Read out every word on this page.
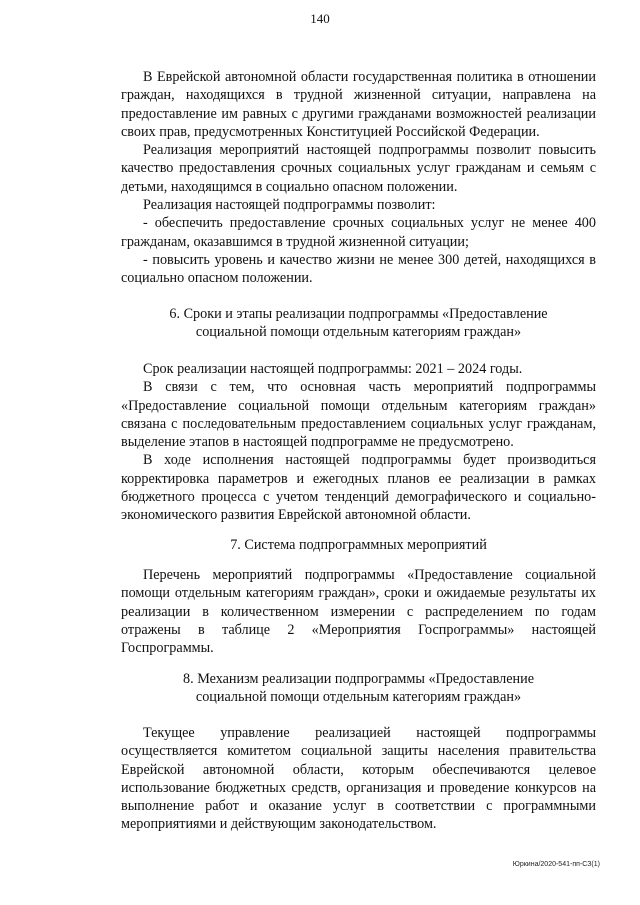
140

В Еврейской автономной области государственная политика в отношении граждан, находящихся в трудной жизненной ситуации, направлена на предоставление им равных с другими гражданами возможностей реализации своих прав, предусмотренных Конституцией Российской Федерации.

Реализация мероприятий настоящей подпрограммы позволит повысить качество предоставления срочных социальных услуг гражданам и семьям с детьми, находящимся в социально опасном положении.

Реализация настоящей подпрограммы позволит:

- обеспечить предоставление срочных социальных услуг не менее 400 гражданам, оказавшимся в трудной жизненной ситуации;

- повысить уровень и качество жизни не менее 300 детей, находящихся в социально опасном положении.

6. Сроки и этапы реализации подпрограммы «Предоставление

социальной помощи отдельным категориям граждан»

Срок реализации настоящей подпрограммы: 2021 – 2024 годы.

В связи с тем, что основная часть мероприятий подпрограммы «Предоставление социальной помощи отдельным категориям граждан» связана с последовательным предоставлением социальных услуг гражданам, выделение этапов в настоящей подпрограмме не предусмотрено.

В ходе исполнения настоящей подпрограммы будет производиться корректировка параметров и ежегодных планов ее реализации в рамках бюджетного процесса с учетом тенденций демографического и социально-экономического развития Еврейской автономной области.

7. Система подпрограммных мероприятий

Перечень мероприятий подпрограммы «Предоставление социальной помощи отдельным категориям граждан», сроки и ожидаемые результаты их реализации в количественном измерении с распределением по годам отражены в таблице 2 «Мероприятия Госпрограммы» настоящей Госпрограммы.

8. Механизм реализации подпрограммы «Предоставление

социальной помощи отдельным категориям граждан»

Текущее управление реализацией настоящей подпрограммы осуществляется комитетом социальной защиты населения правительства Еврейской автономной области, которым обеспечиваются целевое использование бюджетных средств, организация и проведение конкурсов на выполнение работ и оказание услуг в соответствии с программными мероприятиями и действующим законодательством.

Юркина/2020-541-пп-СЗ(1)
